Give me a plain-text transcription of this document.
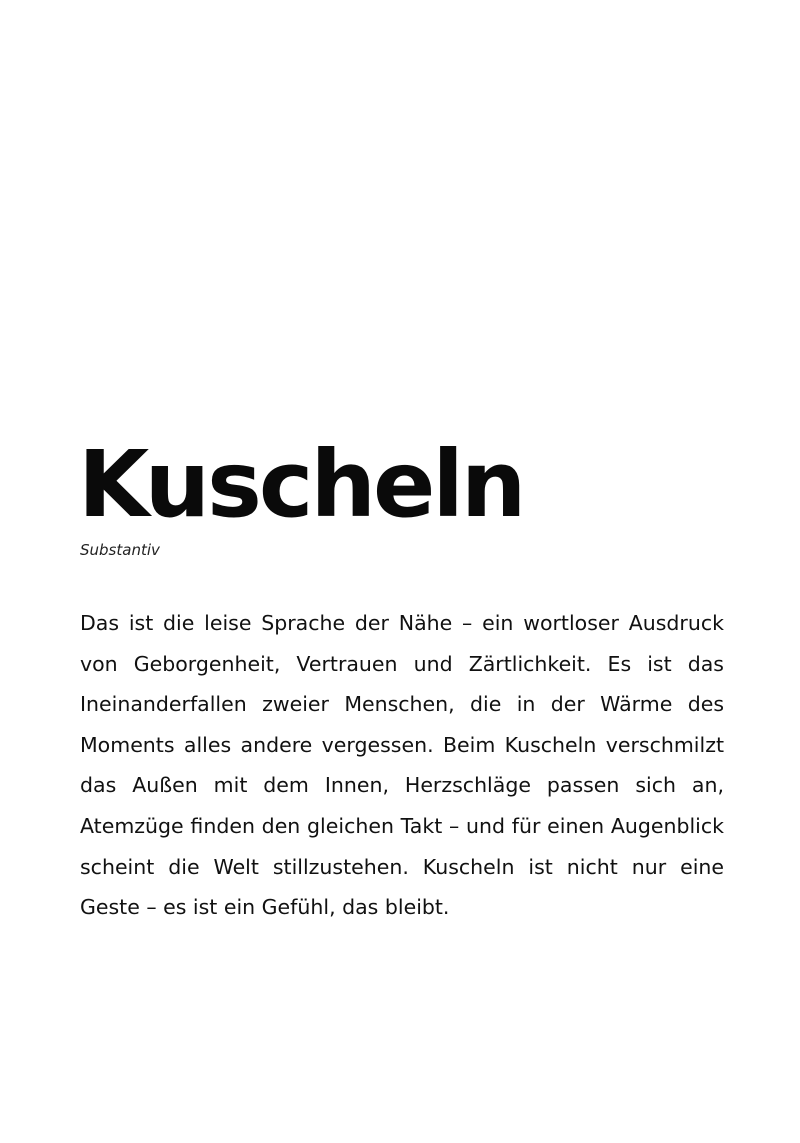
Kuscheln

Substantiv

Das ist die leise Sprache der Nähe – ein wortloser Ausdruck von Geborgenheit, Vertrauen und Zärtlichkeit. Es ist das Ineinanderfallen zweier Menschen, die in der Wärme des Moments alles andere vergessen. Beim Kuscheln verschmilzt das Außen mit dem Innen, Herzschläge passen sich an, Atemzüge finden den gleichen Takt – und für einen Augenblick scheint die Welt stillzustehen. Kuscheln ist nicht nur eine Geste – es ist ein Gefühl, das bleibt.
